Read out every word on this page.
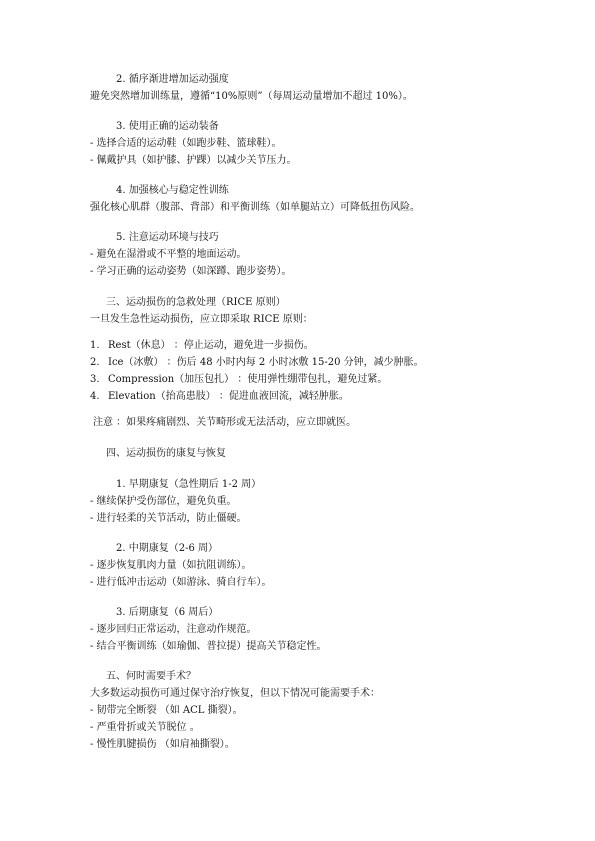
2. 循序渐进增加运动强度
避免突然增加训练量，遵循“10%原则”（每周运动量增加不超过 10%）。
3. 使用正确的运动装备
- 选择合适的运动鞋（如跑步鞋、篮球鞋）。
- 佩戴护具（如护膝、护踝）以减少关节压力。
4. 加强核心与稳定性训练
强化核心肌群（腹部、背部）和平衡训练（如单腿站立）可降低扭伤风险。
5. 注意运动环境与技巧
- 避免在湿滑或不平整的地面运动。
- 学习正确的运动姿势（如深蹲、跑步姿势）。
三、运动损伤的急救处理（RICE 原则）
一旦发生急性运动损伤，应立即采取 RICE 原则：
1. Rest（休息） ：停止运动，避免进一步损伤。
2. Ice（冰敷） ：伤后 48 小时内每 2 小时冰敷 15-20 分钟，减少肿胀。
3. Compression（加压包扎） ：使用弹性绷带包扎，避免过紧。
4. Elevation（抬高患肢） ：促进血液回流，减轻肿胀。
注意 ：如果疼痛剧烈、关节畸形或无法活动，应立即就医。
四、运动损伤的康复与恢复
1. 早期康复（急性期后 1-2 周）
- 继续保护受伤部位，避免负重。
- 进行轻柔的关节活动，防止僵硬。
2. 中期康复（2-6 周）
- 逐步恢复肌肉力量（如抗阻训练）。
- 进行低冲击运动（如游泳、骑自行车）。
3. 后期康复（6 周后）
- 逐步回归正常运动，注意动作规范。
- 结合平衡训练（如瑜伽、普拉提）提高关节稳定性。
五、何时需要手术？
大多数运动损伤可通过保守治疗恢复，但以下情况可能需要手术：
- 韧带完全断裂 （如 ACL 撕裂）。
- 严重骨折或关节脱位 。
- 慢性肌腱损伤 （如肩袖撕裂）。
